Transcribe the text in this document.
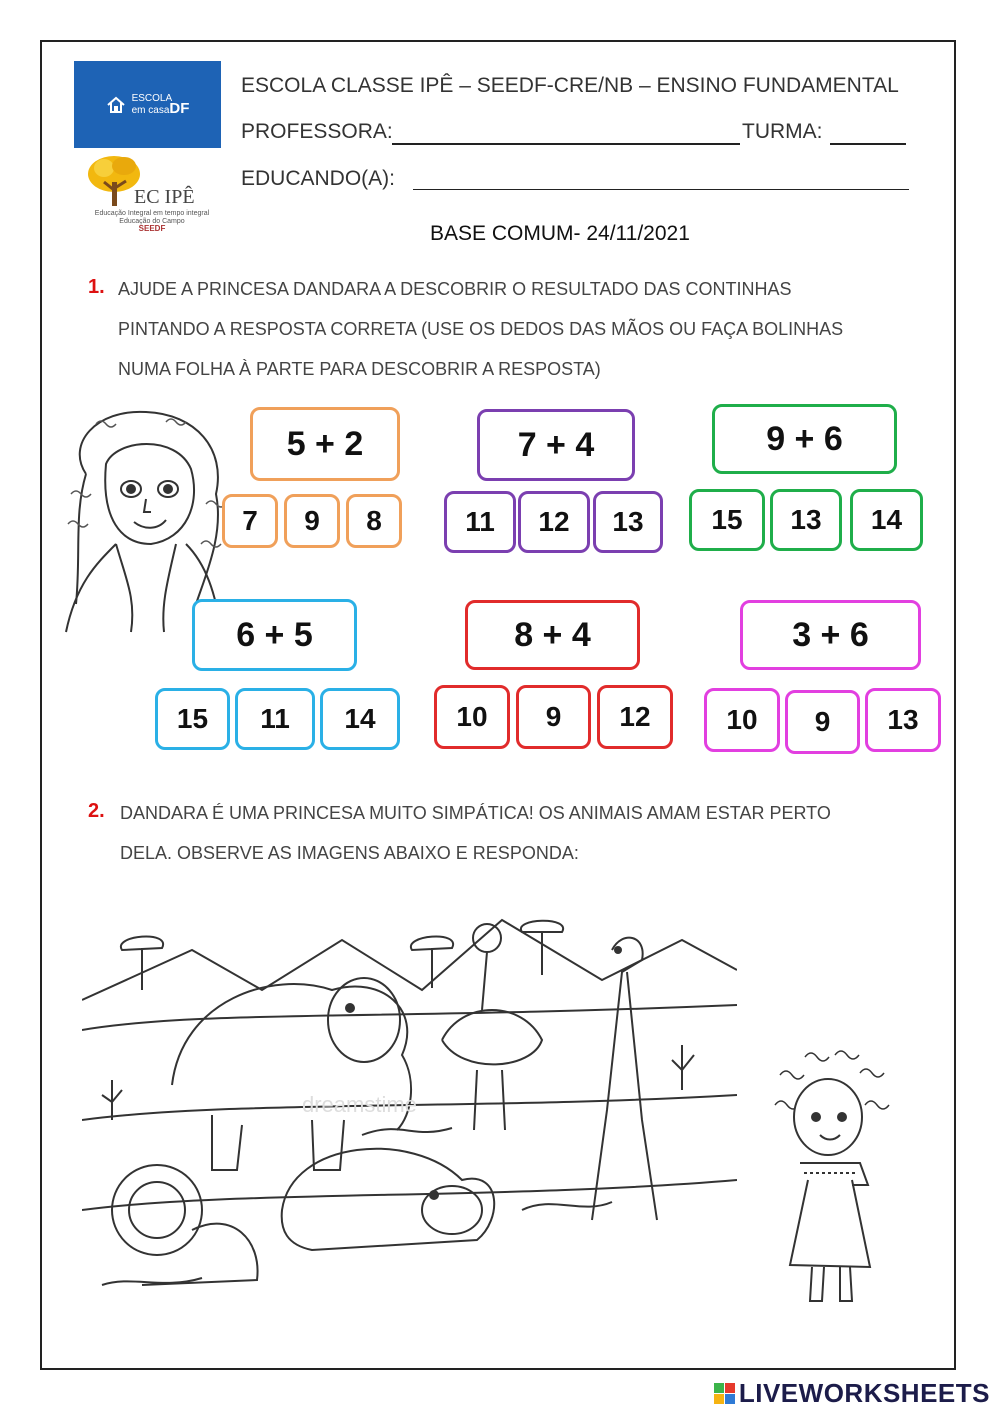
ESCOLA
em casaDF
EC IPÊ
Educação Integral em tempo integral
Educação do Campo
SEEDF
ESCOLA CLASSE IPÊ – SEEDF-CRE/NB – ENSINO FUNDAMENTAL
PROFESSORA:	TURMA:
EDUCANDO(A):
BASE COMUM- 24/11/2021
1. AJUDE A PRINCESA DANDARA A DESCOBRIR O RESULTADO DAS CONTINHAS
PINTANDO A RESPOSTA CORRETA (USE OS DEDOS DAS MÃOS OU FAÇA BOLINHAS
NUMA FOLHA À PARTE PARA DESCOBRIR A RESPOSTA)
5 + 2
7 9 8
7 + 4
11 12 13
9 + 6
15 13 14
6 + 5
15 11 14
8 + 4
10 9 12
3 + 6
10 9 13
2. DANDARA É UMA PRINCESA MUITO SIMPÁTICA! OS ANIMAIS AMAM ESTAR PERTO
DELA. OBSERVE AS IMAGENS ABAIXO E RESPONDA:
dreamstime
LIVEWORKSHEETS
